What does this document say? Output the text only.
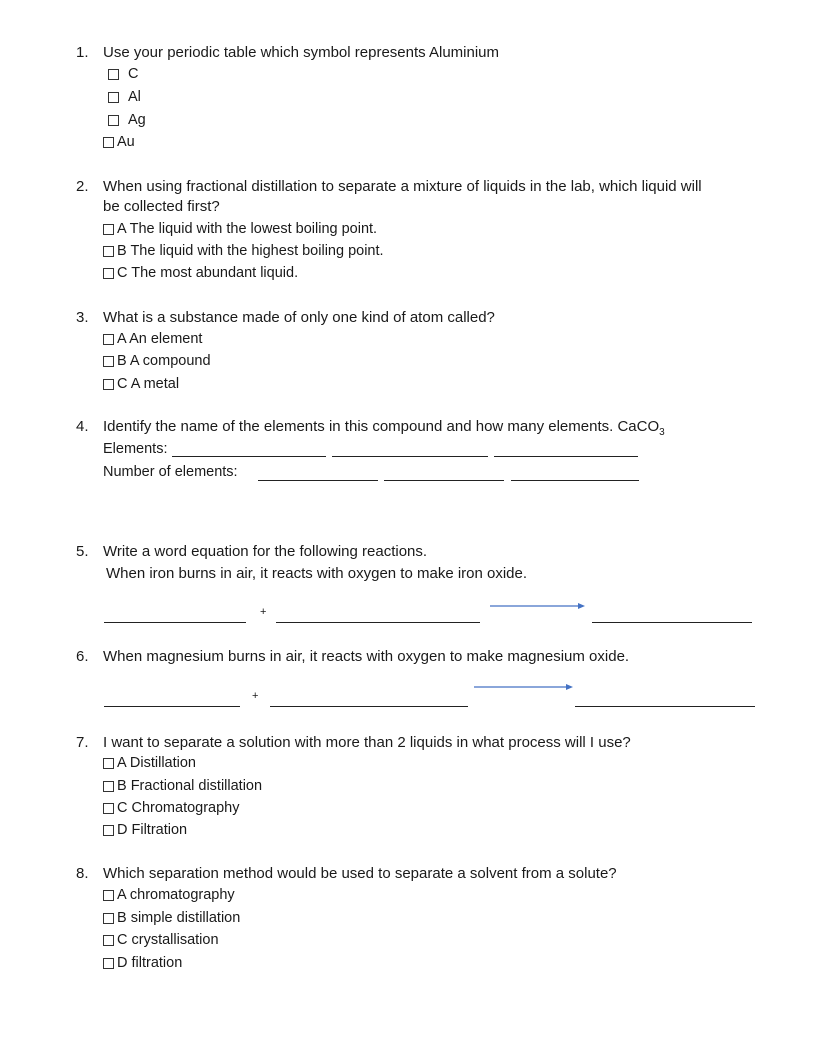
1. Use your periodic table which symbol represents Aluminium
C
Al
Ag
Au
2. When using fractional distillation to separate a mixture of liquids in the lab, which liquid will
be collected first?
A The liquid with the lowest boiling point.
B The liquid with the highest boiling point.
C The most abundant liquid.
3. What is a substance made of only one kind of atom called?
A An element
B A compound
C A metal
4. Identify the name of the elements in this compound and how many elements. CaCO$_3$
Elements:
Number of elements:
5. Write a word equation for the following reactions.
When iron burns in air, it reacts with oxygen to make iron oxide.
+
6. When magnesium burns in air, it reacts with oxygen to make magnesium oxide.
+
7. I want to separate a solution with more than 2 liquids in what process will I use?
A Distillation
B Fractional distillation
C Chromatography
D Filtration
8. Which separation method would be used to separate a solvent from a solute?
A chromatography
B simple distillation
C crystallisation
D filtration
